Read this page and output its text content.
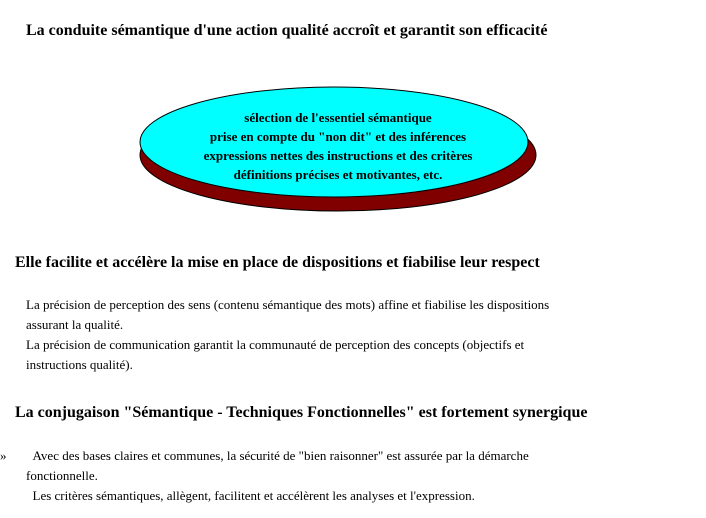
La conduite sémantique d'une action qualité accroît et garantit son efficacité
sélection de l'essentiel sémantique
prise en compte du "non dit" et des inférences
expressions nettes des instructions et des critères
définitions précises et motivantes, etc.
Elle facilite et accélère la mise en place de dispositions et fiabilise leur respect
La précision de perception des sens (contenu sémantique des mots) affine et fiabilise les dispositions
assurant la qualité.
La précision de communication garantit la communauté de perception des concepts (objectifs et
instructions qualité).
La conjugaison "Sémantique - Techniques Fonctionnelles" est fortement synergique
»	Avec des bases claires et communes, la sécurité de "bien raisonner" est assurée par la démarche
fonctionnelle.
Les critères sémantiques, allègent, facilitent et accélèrent les analyses et l'expression.
